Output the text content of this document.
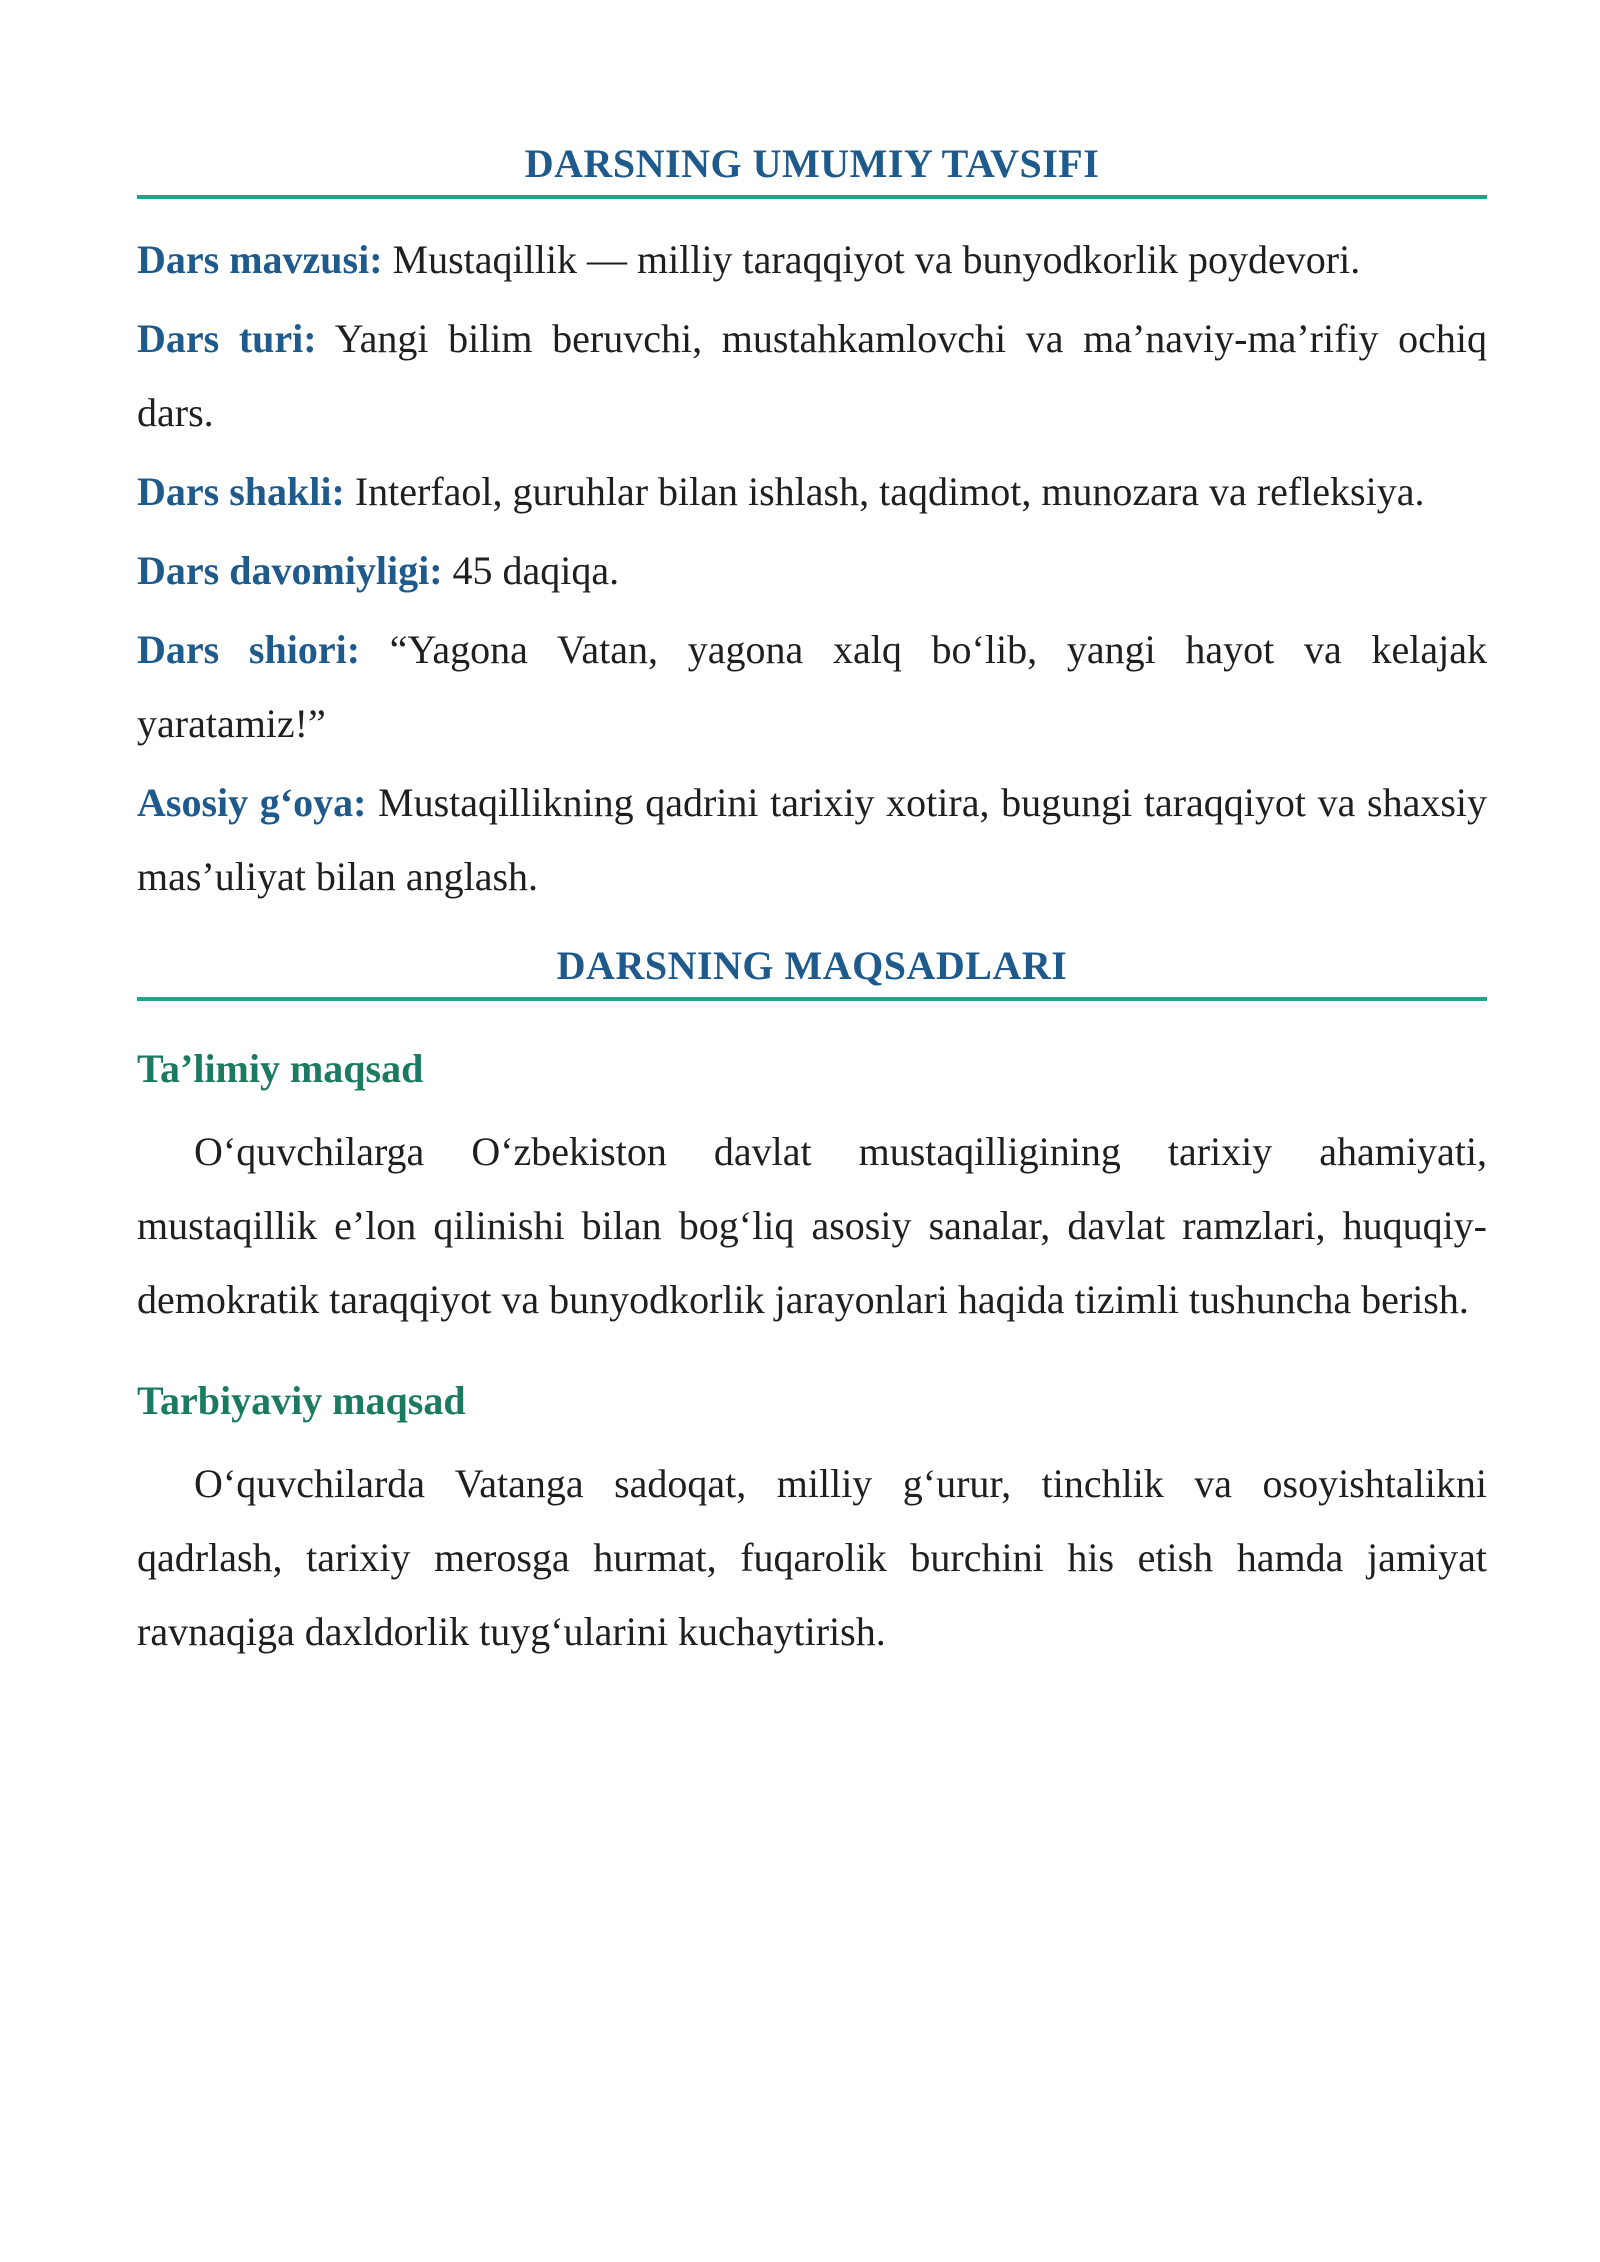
DARSNING UMUMIY TAVSIFI

Dars mavzusi: Mustaqillik — milliy taraqqiyot va bunyodkorlik poydevori.

Dars turi: Yangi bilim beruvchi, mustahkamlovchi va ma’naviy-ma’rifiy ochiq dars.

Dars shakli: Interfaol, guruhlar bilan ishlash, taqdimot, munozara va refleksiya.

Dars davomiyligi: 45 daqiqa.

Dars shiori: “Yagona Vatan, yagona xalq bo‘lib, yangi hayot va kelajak yaratamiz!”

Asosiy g‘oya: Mustaqillikning qadrini tarixiy xotira, bugungi taraqqiyot va shaxsiy mas’uliyat bilan anglash.

DARSNING MAQSADLARI
Ta’limiy maqsad

O‘quvchilarga O‘zbekiston davlat mustaqilligining tarixiy ahamiyati, mustaqillik e’lon qilinishi bilan bog‘liq asosiy sanalar, davlat ramzlari, huquqiy-demokratik taraqqiyot va bunyodkorlik jarayonlari haqida tizimli tushuncha berish.

Tarbiyaviy maqsad

O‘quvchilarda Vatanga sadoqat, milliy g‘urur, tinchlik va osoyishtalikni qadrlash, tarixiy merosga hurmat, fuqarolik burchini his etish hamda jamiyat ravnaqiga daxldorlik tuyg‘ularini kuchaytirish.
